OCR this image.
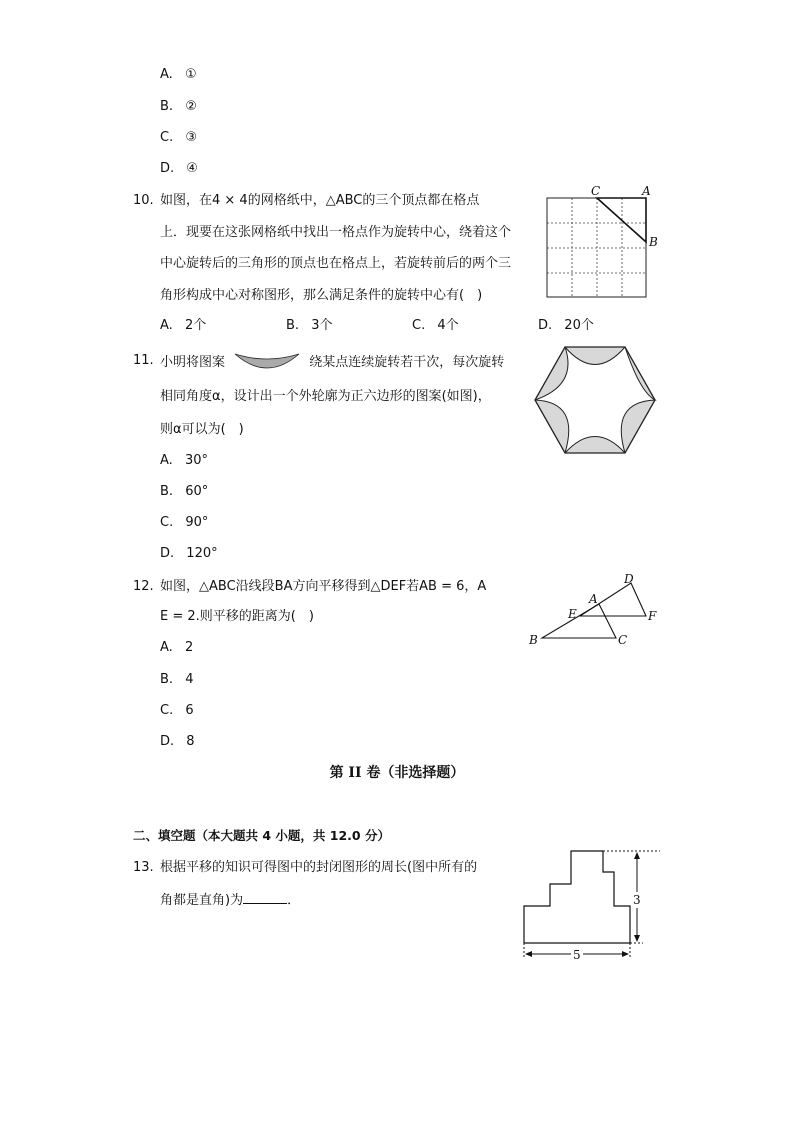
A. ①
B. ②
C. ③
D. ④
10. 如图，在4 × 4的网格纸中，△ABC的三个顶点都在格点
上．现要在这张网格纸中找出一格点作为旋转中心，绕着这个
中心旋转后的三角形的顶点也在格点上，若旋转前后的两个三
角形构成中心对称图形，那么满足条件的旋转中心有(　)
A. 2个	B. 3个	C. 4个	D. 20个
C	A
B
11. 小明将图案	绕某点连续旋转若干次，每次旋转
相同角度α，设计出一个外轮廓为正六边形的图案(如图)，
则α可以为(　)
A. 30°
B. 60°
C. 90°
D. 120°
12. 如图，△ABC沿线段BA方向平移得到△DEF若AB = 6，A
E = 2.则平移的距离为(　)
A. 2
B. 4
C. 6
D. 8
D
A
E	F
B	C
第 II 卷（非选择题）
二、填空题（本大题共 4 小题，共 12.0 分）
13. 根据平移的知识可得图中的封闭图形的周长(图中所有的
角都是直角)为	．	3
5
